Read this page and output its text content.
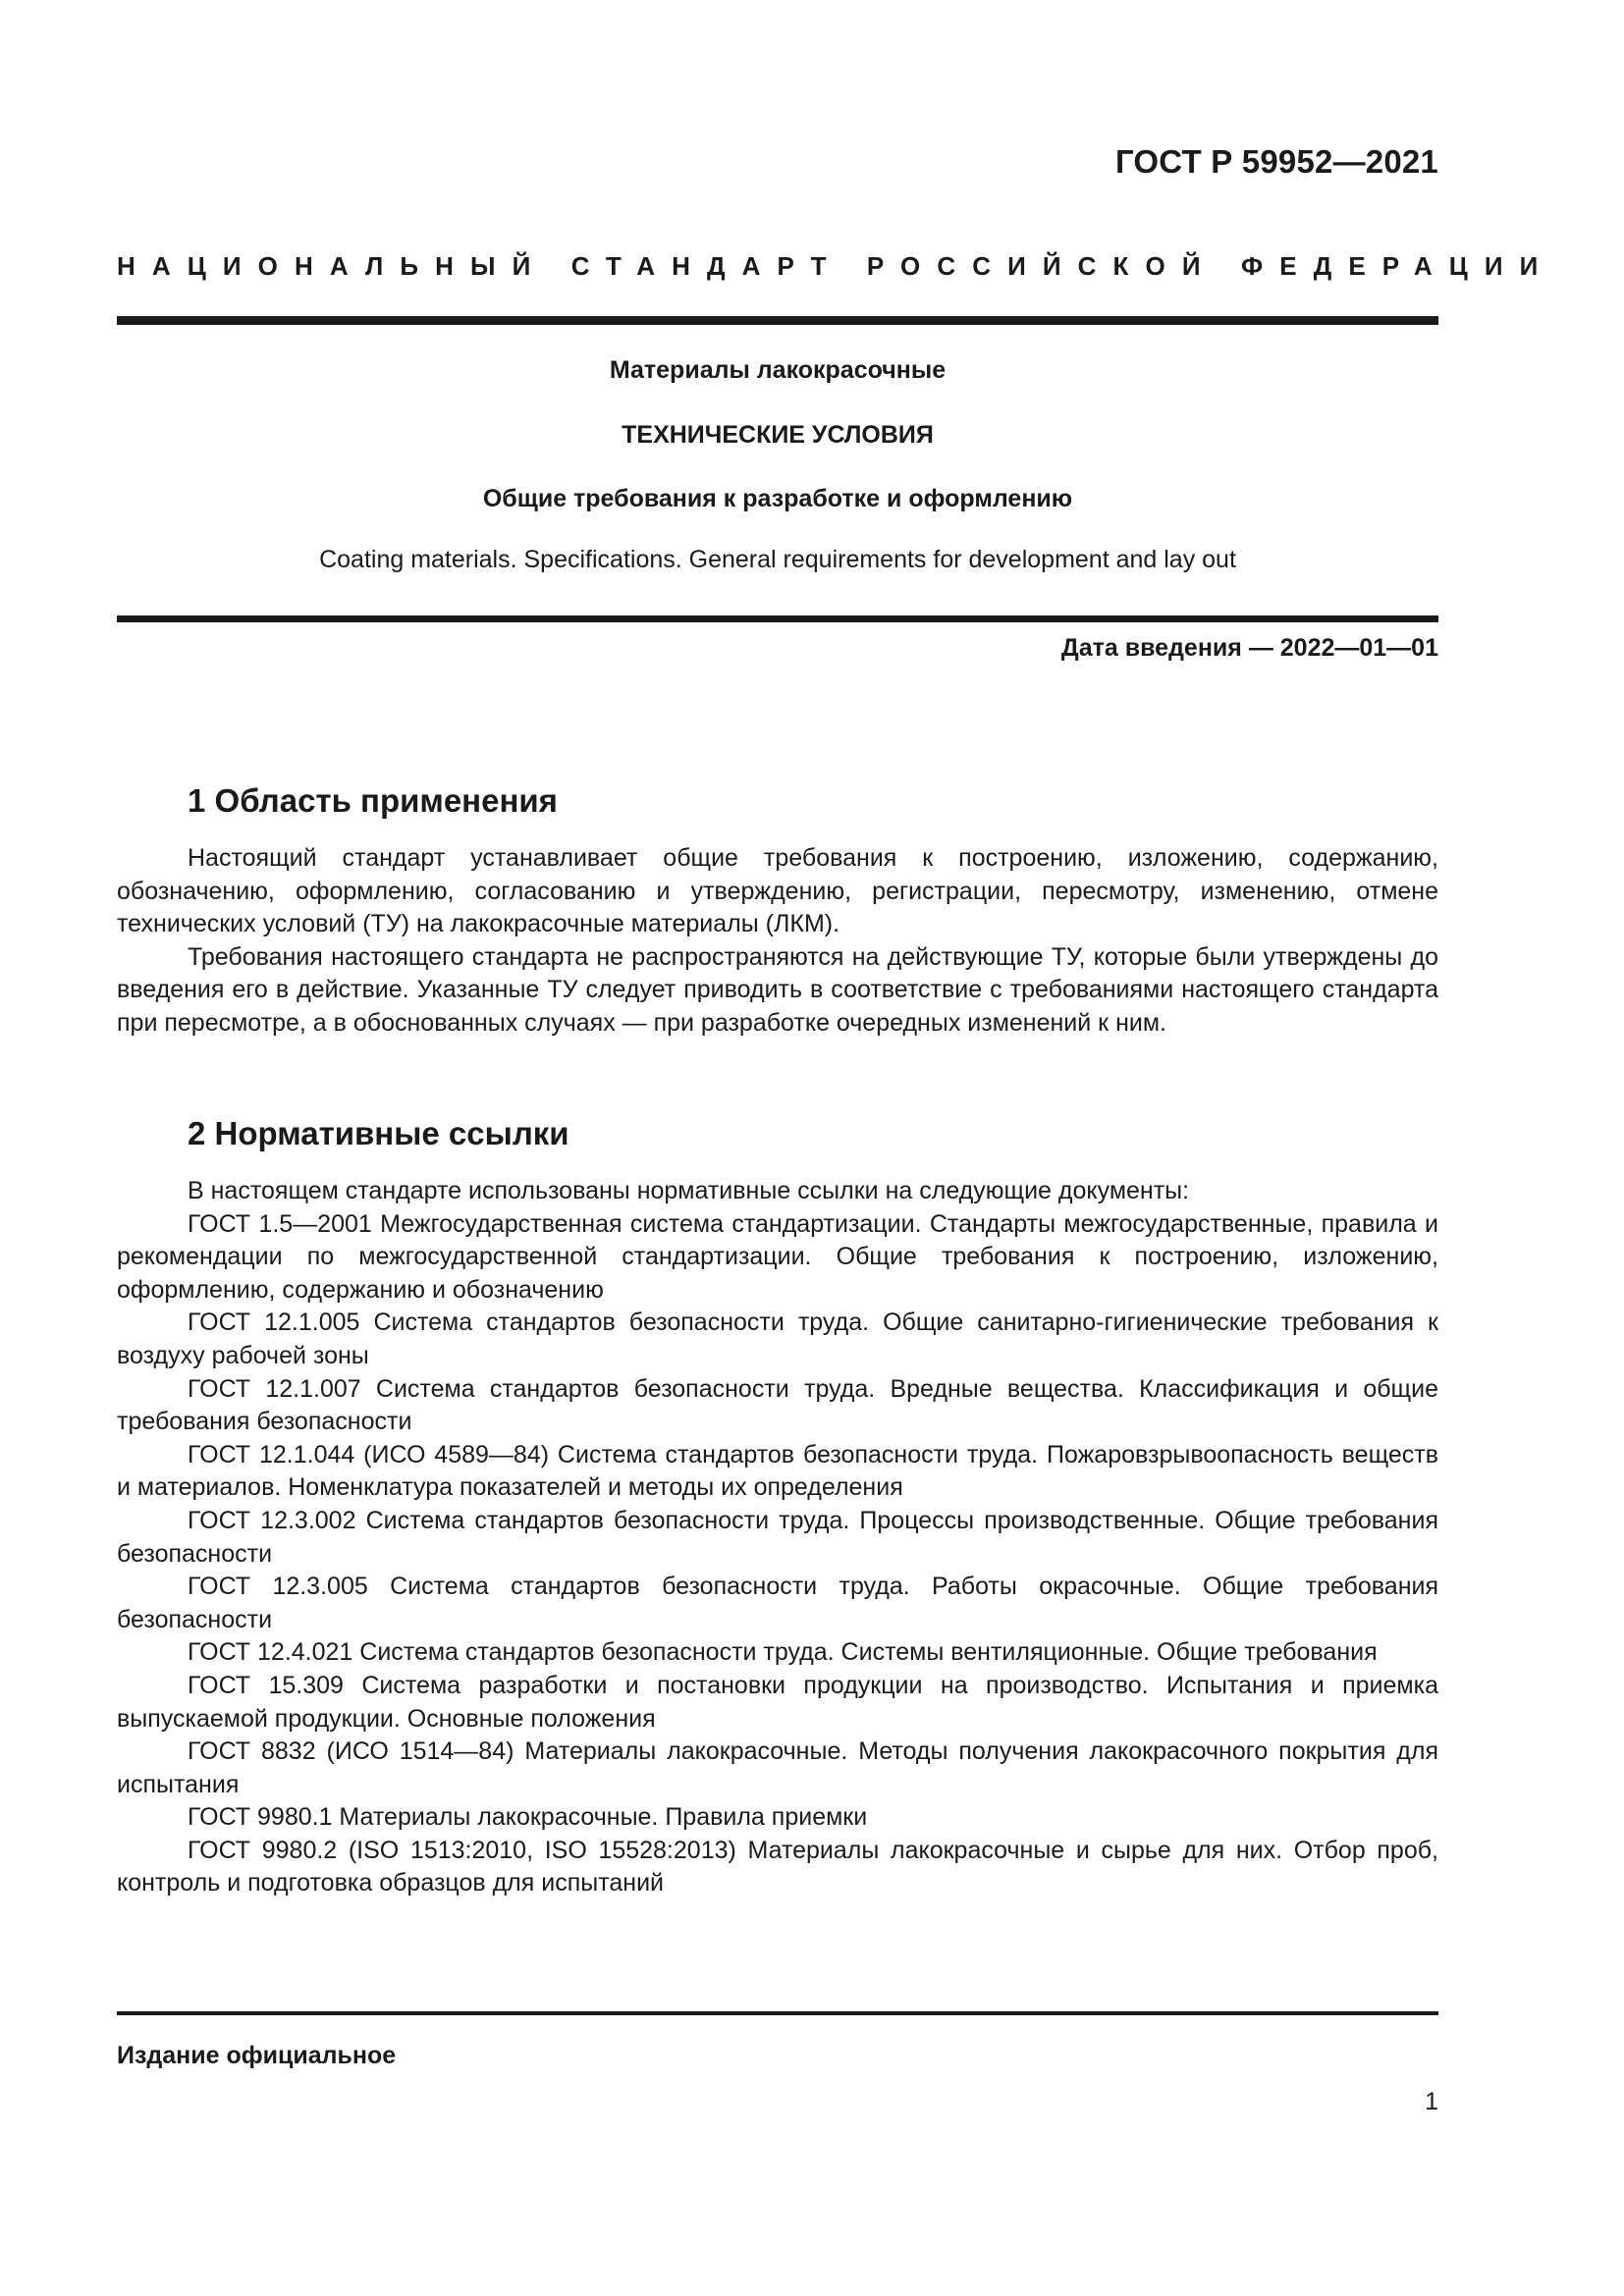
ГОСТ Р 59952—2021
НАЦИОНАЛЬНЫЙ СТАНДАРТ РОССИЙСКОЙ ФЕДЕРАЦИИ
Материалы лакокрасочные
ТЕХНИЧЕСКИЕ УСЛОВИЯ
Общие требования к разработке и оформлению
Coating materials. Specifications. General requirements for development and lay out
Дата введения — 2022—01—01
1 Область применения

Настоящий стандарт устанавливает общие требования к построению, изложению, содержанию, обозначению, оформлению, согласованию и утверждению, регистрации, пересмотру, изменению, отмене технических условий (ТУ) на лакокрасочные материалы (ЛКМ).

Требования настоящего стандарта не распространяются на действующие ТУ, которые были утверждены до введения его в действие. Указанные ТУ следует приводить в соответствие с требованиями настоящего стандарта при пересмотре, а в обоснованных случаях — при разработке очередных изменений к ним.

2 Нормативные ссылки

В настоящем стандарте использованы нормативные ссылки на следующие документы:

ГОСТ 1.5—2001 Межгосударственная система стандартизации. Стандарты межгосударственные, правила и рекомендации по межгосударственной стандартизации. Общие требования к построению, изложению, оформлению, содержанию и обозначению

ГОСТ 12.1.005 Система стандартов безопасности труда. Общие санитарно-гигиенические требования к воздуху рабочей зоны

ГОСТ 12.1.007 Система стандартов безопасности труда. Вредные вещества. Классификация и общие требования безопасности

ГОСТ 12.1.044 (ИСО 4589—84) Система стандартов безопасности труда. Пожаровзрывоопасность веществ и материалов. Номенклатура показателей и методы их определения

ГОСТ 12.3.002 Система стандартов безопасности труда. Процессы производственные. Общие требования безопасности

ГОСТ 12.3.005 Система стандартов безопасности труда. Работы окрасочные. Общие требования безопасности

ГОСТ 12.4.021 Система стандартов безопасности труда. Системы вентиляционные. Общие требования

ГОСТ 15.309 Система разработки и постановки продукции на производство. Испытания и приемка выпускаемой продукции. Основные положения

ГОСТ 8832 (ИСО 1514—84) Материалы лакокрасочные. Методы получения лакокрасочного покрытия для испытания

ГОСТ 9980.1 Материалы лакокрасочные. Правила приемки

ГОСТ 9980.2 (ISO 1513:2010, ISO 15528:2013) Материалы лакокрасочные и сырье для них. Отбор проб, контроль и подготовка образцов для испытаний

Издание официальное
1
